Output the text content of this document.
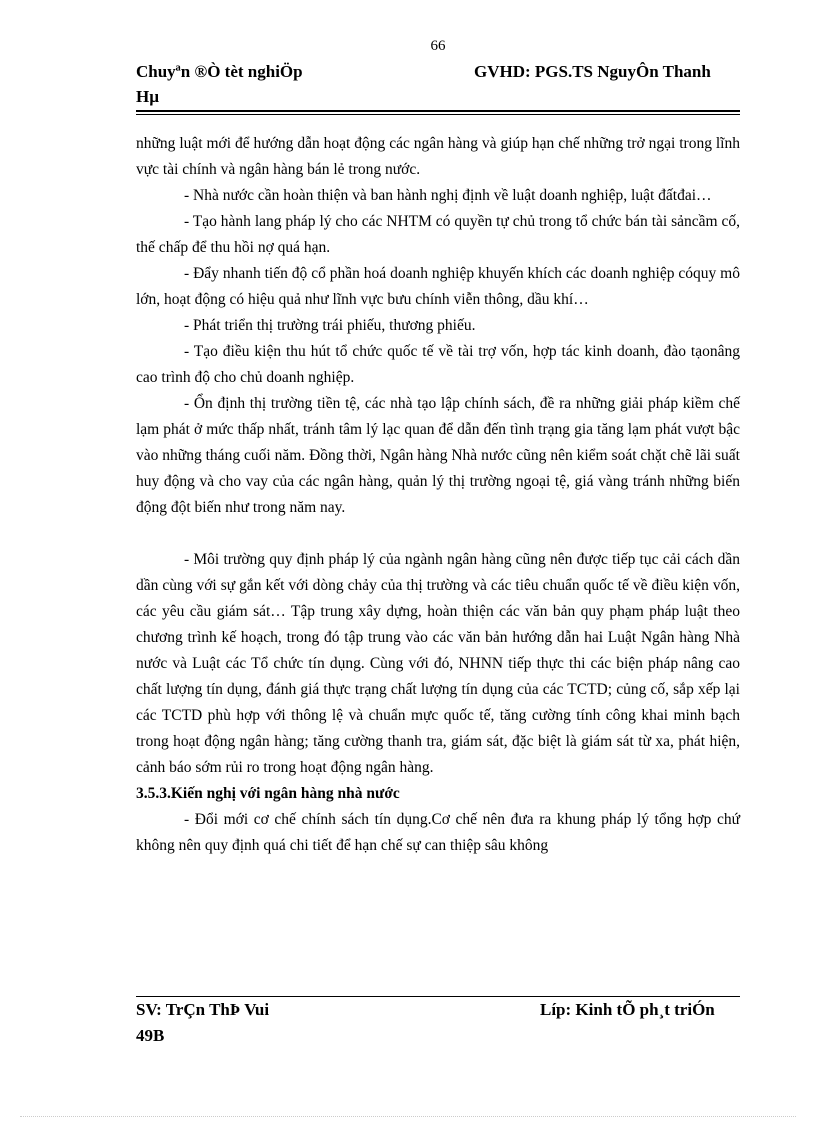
66
Chuyªn ®Ò tèt nghiÖp
Hµ
GVHD: PGS.TS NguyÔn Thanh

những luật mới để hướng dẫn hoạt động các ngân hàng và giúp hạn chế những trở ngại trong lĩnh vực tài chính và ngân hàng bán lẻ trong nước.

- Nhà nước cần hoàn thiện và ban hành nghị định về luật doanh nghiệp, luật đấtđai…

- Tạo hành lang pháp lý cho các NHTM có quyền tự chủ trong tổ chức bán tài sảncầm cố, thế chấp để thu hồi nợ quá hạn.

- Đẩy nhanh tiến độ cổ phần hoá doanh nghiệp khuyến khích các doanh nghiệp cóquy mô lớn, hoạt động có hiệu quả như lĩnh vực bưu chính viễn thông, dầu khí…

- Phát triển thị trường trái phiếu, thương phiếu.

- Tạo điều kiện thu hút tổ chức quốc tế về tài trợ vốn, hợp tác kinh doanh, đào tạonâng cao trình độ cho chủ doanh nghiệp.

- Ổn định thị trường tiền tệ, các nhà tạo lập chính sách, đề ra những giải pháp kiềm chế lạm phát ở mức thấp nhất, tránh tâm lý lạc quan để dẫn đến tình trạng gia tăng lạm phát vượt bậc vào những tháng cuối năm. Đồng thời, Ngân hàng Nhà nước cũng nên kiểm soát chặt chẽ lãi suất huy động và cho vay của các ngân hàng, quản lý thị trường ngoại tệ, giá vàng tránh những biến động đột biến như trong năm nay.

- Môi trường quy định pháp lý của ngành ngân hàng cũng nên được tiếp tục cải cách dần dần cùng với sự gắn kết với dòng chảy của thị trường và các tiêu chuẩn quốc tế về điều kiện vốn, các yêu cầu giám sát… Tập trung xây dựng, hoàn thiện các văn bản quy phạm pháp luật theo chương trình kế hoạch, trong đó tập trung vào các văn bản hướng dẫn hai Luật Ngân hàng Nhà nước và Luật các Tổ chức tín dụng. Cùng với đó, NHNN tiếp thực thi các biện pháp nâng cao chất lượng tín dụng, đánh giá thực trạng chất lượng tín dụng của các TCTD; củng cố, sắp xếp lại các TCTD phù hợp với thông lệ và chuẩn mực quốc tế, tăng cường tính công khai minh bạch trong hoạt động ngân hàng; tăng cường thanh tra, giám sát, đặc biệt là giám sát từ xa, phát hiện, cảnh báo sớm rủi ro trong hoạt động ngân hàng.

3.5.3.Kiến nghị với ngân hàng nhà nước

- Đổi mới cơ chế chính sách tín dụng.Cơ chế nên đưa ra khung pháp lý tổng hợp chứ không nên quy định quá chi tiết để hạn chế sự can thiệp sâu không

SV: TrÇn ThÞ Vui
49B
Líp: Kinh tÕ ph¸t triÓn
